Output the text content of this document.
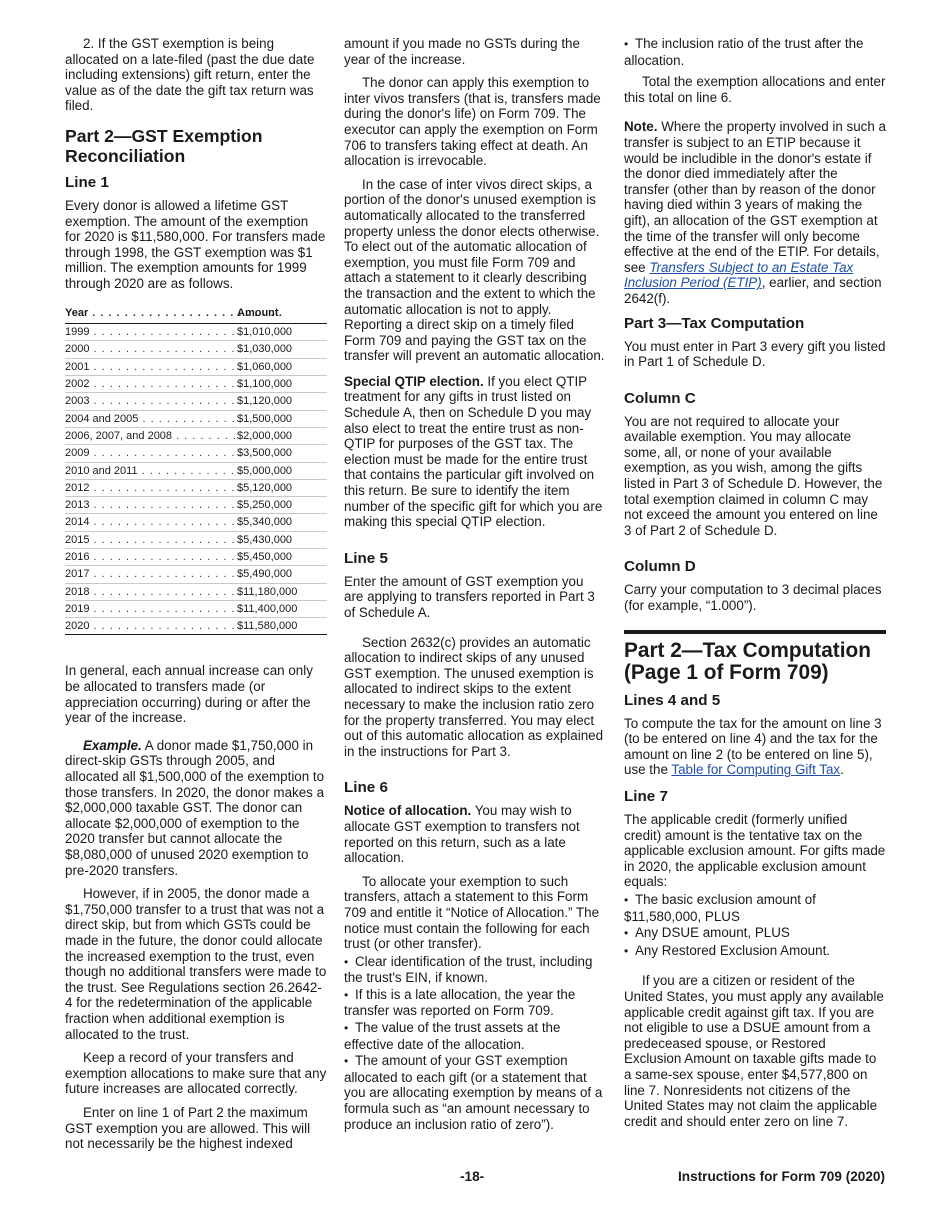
2. If the GST exemption is being allocated on a late-filed (past the due date including extensions) gift return, enter the value as of the date the gift tax return was filed.

Part 2—GST Exemption Reconciliation
Line 1

Every donor is allowed a lifetime GST exemption. The amount of the exemption for 2020 is $11,580,000. For transfers made through 1998, the GST exemption was $1 million. The exemption amounts for 1999 through 2020 are as follows.

Year . . .	Amount
1999 . . .	$1,010,000
2000 . . .	$1,030,000
2001 . . .	$1,060,000
2002 . . .	$1,100,000
2003 . . .	$1,120,000
2004 and 2005 . . .	$1,500,000
2006, 2007, and 2008 . . .	$2,000,000
2009 . . .	$3,500,000
2010 and 2011 . . .	$5,000,000
2012 . . .	$5,120,000
2013 . . .	$5,250,000
2014 . . .	$5,340,000
2015 . . .	$5,430,000
2016 . . .	$5,450,000
2017 . . .	$5,490,000
2018 . . .	$11,180,000
2019 . . .	$11,400,000
2020 . . .	$11,580,000

In general, each annual increase can only be allocated to transfers made (or appreciation occurring) during or after the year of the increase.

Example. A donor made $1,750,000 in direct-skip GSTs through 2005, and allocated all $1,500,000 of the exemption to those transfers. In 2020, the donor makes a $2,000,000 taxable GST. The donor can allocate $2,000,000 of exemption to the 2020 transfer but cannot allocate the $8,080,000 of unused 2020 exemption to pre-2020 transfers.

However, if in 2005, the donor made a $1,750,000 transfer to a trust that was not a direct skip, but from which GSTs could be made in the future, the donor could allocate the increased exemption to the trust, even though no additional transfers were made to the trust. See Regulations section 26.2642-4 for the redetermination of the applicable fraction when additional exemption is allocated to the trust.

Keep a record of your transfers and exemption allocations to make sure that any future increases are allocated correctly.

Enter on line 1 of Part 2 the maximum GST exemption you are allowed. This will not necessarily be the highest indexed

amount if you made no GSTs during the year of the increase.

The donor can apply this exemption to inter vivos transfers (that is, transfers made during the donor's life) on Form 709. The executor can apply the exemption on Form 706 to transfers taking effect at death. An allocation is irrevocable.

In the case of inter vivos direct skips, a portion of the donor's unused exemption is automatically allocated to the transferred property unless the donor elects otherwise. To elect out of the automatic allocation of exemption, you must file Form 709 and attach a statement to it clearly describing the transaction and the extent to which the automatic allocation is not to apply. Reporting a direct skip on a timely filed Form 709 and paying the GST tax on the transfer will prevent an automatic allocation.

Special QTIP election. If you elect QTIP treatment for any gifts in trust listed on Schedule A, then on Schedule D you may also elect to treat the entire trust as non-QTIP for purposes of the GST tax. The election must be made for the entire trust that contains the particular gift involved on this return. Be sure to identify the item number of the specific gift for which you are making this special QTIP election.

Line 5

Enter the amount of GST exemption you are applying to transfers reported in Part 3 of Schedule A.

Section 2632(c) provides an automatic allocation to indirect skips of any unused GST exemption. The unused exemption is allocated to indirect skips to the extent necessary to make the inclusion ratio zero for the property transferred. You may elect out of this automatic allocation as explained in the instructions for Part 3.

Line 6

Notice of allocation. You may wish to allocate GST exemption to transfers not reported on this return, such as a late allocation.

To allocate your exemption to such transfers, attach a statement to this Form 709 and entitle it “Notice of Allocation.” The notice must contain the following for each trust (or other transfer).

• Clear identification of the trust, including the trust's EIN, if known.
• If this is a late allocation, the year the transfer was reported on Form 709.
• The value of the trust assets at the effective date of the allocation.
• The amount of your GST exemption allocated to each gift (or a statement that you are allocating exemption by means of a formula such as “an amount necessary to produce an inclusion ratio of zero”).
• The inclusion ratio of the trust after the allocation.

Total the exemption allocations and enter this total on line 6.

Note. Where the property involved in such a transfer is subject to an ETIP because it would be includible in the donor's estate if the donor died immediately after the transfer (other than by reason of the donor having died within 3 years of making the gift), an allocation of the GST exemption at the time of the transfer will only become effective at the end of the ETIP. For details, see Transfers Subject to an Estate Tax Inclusion Period (ETIP), earlier, and section 2642(f).

Part 3—Tax Computation

You must enter in Part 3 every gift you listed in Part 1 of Schedule D.

Column C

You are not required to allocate your available exemption. You may allocate some, all, or none of your available exemption, as you wish, among the gifts listed in Part 3 of Schedule D. However, the total exemption claimed in column C may not exceed the amount you entered on line 3 of Part 2 of Schedule D.

Column D

Carry your computation to 3 decimal places (for example, “1.000”).

Part 2—Tax Computation (Page 1 of Form 709)
Lines 4 and 5

To compute the tax for the amount on line 3 (to be entered on line 4) and the tax for the amount on line 2 (to be entered on line 5), use the Table for Computing Gift Tax.

Line 7

The applicable credit (formerly unified credit) amount is the tentative tax on the applicable exclusion amount. For gifts made in 2020, the applicable exclusion amount equals:

• The basic exclusion amount of $11,580,000, PLUS
• Any DSUE amount, PLUS
• Any Restored Exclusion Amount.

If you are a citizen or resident of the United States, you must apply any available applicable credit against gift tax. If you are not eligible to use a DSUE amount from a predeceased spouse, or Restored Exclusion Amount on taxable gifts made to a same-sex spouse, enter $4,577,800 on line 7. Nonresidents not citizens of the United States may not claim the applicable credit and should enter zero on line 7.

-18-	Instructions for Form 709 (2020)
